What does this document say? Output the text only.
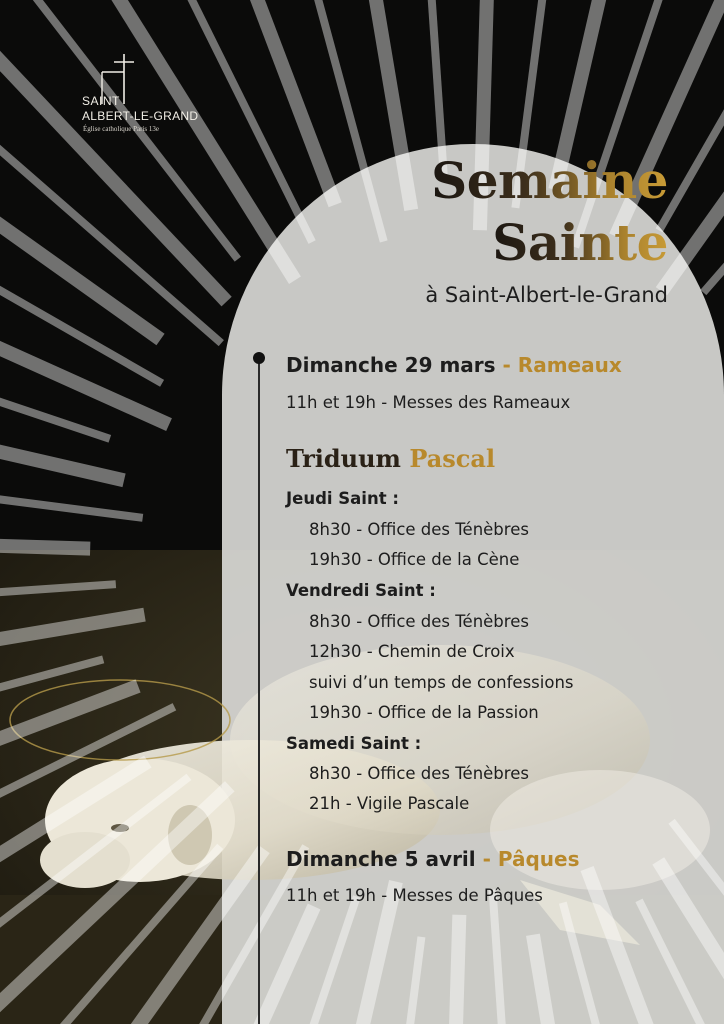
SAINT
ALBERT-LE-GRAND
Église catholique Paris 13e
Semaine
Sainte
à Saint-Albert-le-Grand
Dimanche 29 mars - Rameaux
11h et 19h - Messes des Rameaux
Triduum Pascal
Jeudi Saint :
8h30 - Office des Ténèbres
19h30 - Office de la Cène
Vendredi Saint :
8h30 - Office des Ténèbres
12h30 - Chemin de Croix
suivi d’un temps de confessions
19h30 - Office de la Passion
Samedi Saint :
8h30 - Office des Ténèbres
21h - Vigile Pascale
Dimanche 5 avril - Pâques
11h et 19h - Messes de Pâques
